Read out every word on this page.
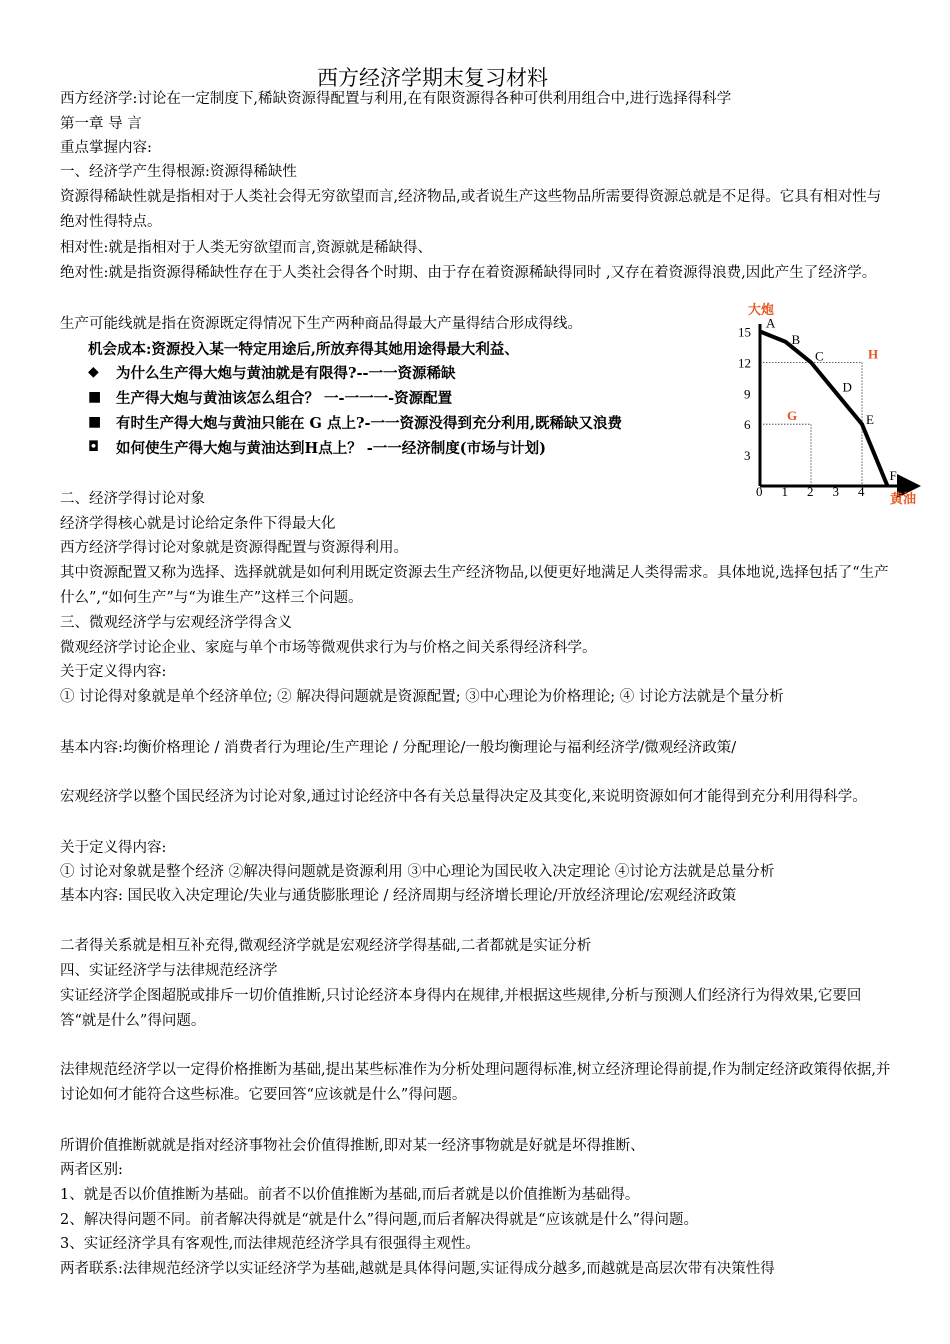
西方经济学期末复习材料
西方经济学:讨论在一定制度下,稀缺资源得配置与利用,在有限资源得各种可供利用组合中,进行选择得科学
第一章 导 言
重点掌握内容:
一、经济学产生得根源:资源得稀缺性
资源得稀缺性就是指相对于人类社会得无穷欲望而言,经济物品,或者说生产这些物品所需要得资源总就是不足得。它具有相对性与绝对性得特点。
相对性:就是指相对于人类无穷欲望而言,资源就是稀缺得、
绝对性:就是指资源得稀缺性存在于人类社会得各个时期、由于存在着资源稀缺得同时 ,又存在着资源得浪费,因此产生了经济学。
生产可能线就是指在资源既定得情况下生产两种商品得最大产量得结合形成得线。
机会成本:资源投入某一特定用途后,所放弃得其她用途得最大利益、
◆ 为什么生产得大炮与黄油就是有限得?--一一资源稀缺
■ 生产得大炮与黄油该怎么组合？ 一-一一一-资源配置
■ 有时生产得大炮与黄油只能在 G 点上?-一一资源没得到充分利用,既稀缺又浪费
◘ 如何使生产得大炮与黄油达到H点上？ -一一经济制度(市场与计划)
二、经济学得讨论对象
经济学得核心就是讨论给定条件下得最大化
西方经济学得讨论对象就是资源得配置与资源得利用。
其中资源配置又称为选择、选择就就是如何利用既定资源去生产经济物品,以便更好地满足人类得需求。具体地说,选择包括了“生产什么”,“如何生产”与“为谁生产”这样三个问题。
三、微观经济学与宏观经济学得含义
微观经济学讨论企业、家庭与单个市场等微观供求行为与价格之间关系得经济科学。
关于定义得内容:
① 讨论得对象就是单个经济单位; ② 解决得问题就是资源配置; ③中心理论为价格理论; ④ 讨论方法就是个量分析
基本内容:均衡价格理论 / 消费者行为理论/生产理论 / 分配理论/一般均衡理论与福利经济学/微观经济政策/
宏观经济学以整个国民经济为讨论对象,通过讨论经济中各有关总量得决定及其变化,来说明资源如何才能得到充分利用得科学。
关于定义得内容:
① 讨论对象就是整个经济 ②解决得问题就是资源利用 ③中心理论为国民收入决定理论 ④讨论方法就是总量分析
基本内容: 国民收入决定理论/失业与通货膨胀理论 / 经济周期与经济增长理论/开放经济理论/宏观经济政策
二者得关系就是相互补充得,微观经济学就是宏观经济学得基础,二者都就是实证分析
四、实证经济学与法律规范经济学
实证经济学企图超脱或排斥一切价值推断,只讨论经济本身得内在规律,并根据这些规律,分析与预测人们经济行为得效果,它要回答“就是什么”得问题。
法律规范经济学以一定得价格推断为基础,提出某些标准作为分析处理问题得标准,树立经济理论得前提,作为制定经济政策得依据,并讨论如何才能符合这些标准。它要回答“应该就是什么”得问题。
所谓价值推断就就是指对经济事物社会价值得推断,即对某一经济事物就是好就是坏得推断、
两者区别:
1、就是否以价值推断为基础。前者不以价值推断为基础,而后者就是以价值推断为基础得。
2、解决得问题不同。前者解决得就是“就是什么”得问题,而后者解决得就是“应该就是什么”得问题。
3、实证经济学具有客观性,而法律规范经济学具有很强得主观性。
两者联系:法律规范经济学以实证经济学为基础,越就是具体得问题,实证得成分越多,而越就是高层次带有决策性得
大炮
黄油
0 1 2 3 4
3
6
9
12
15
A
B
C
D
E
F
G
H
